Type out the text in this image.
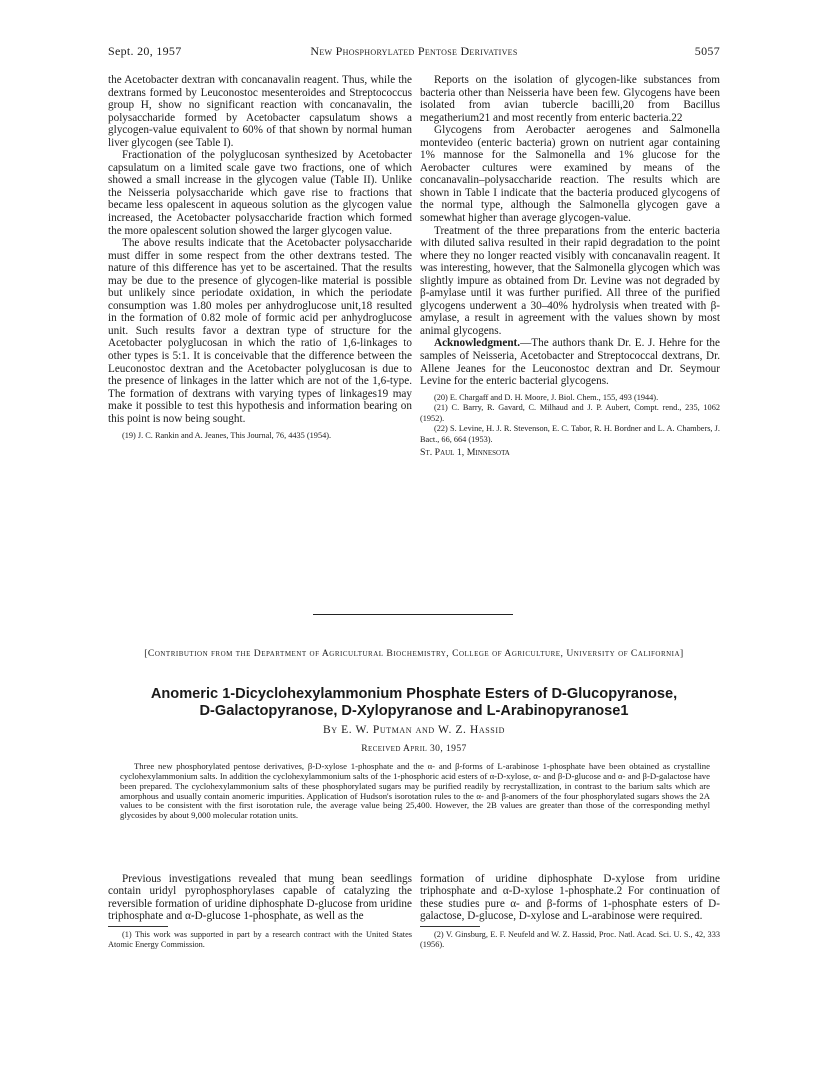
Sept. 20, 1957	New Phosphorylated Pentose Derivatives	5057

the Acetobacter dextran with concanavalin reagent. Thus, while the dextrans formed by Leuconostoc mesenteroides and Streptococcus group H, show no significant reaction with concanavalin, the polysaccharide formed by Acetobacter capsulatum shows a glycogen-value equivalent to 60% of that shown by normal human liver glycogen (see Table I).

Fractionation of the polyglucosan synthesized by Acetobacter capsulatum on a limited scale gave two fractions, one of which showed a small increase in the glycogen value (Table II). Unlike the Neisseria polysaccharide which gave rise to fractions that became less opalescent in aqueous solution as the glycogen value increased, the Acetobacter polysaccharide fraction which formed the more opalescent solution showed the larger glycogen value.

The above results indicate that the Acetobacter polysaccharide must differ in some respect from the other dextrans tested. The nature of this difference has yet to be ascertained. That the results may be due to the presence of glycogen-like material is possible but unlikely since periodate oxidation, in which the periodate consumption was 1.80 moles per anhydroglucose unit,18 resulted in the formation of 0.82 mole of formic acid per anhydroglucose unit. Such results favor a dextran type of structure for the Acetobacter polyglucosan in which the ratio of 1,6-linkages to other types is 5:1. It is conceivable that the difference between the Leuconostoc dextran and the Acetobacter polyglucosan is due to the presence of linkages in the latter which are not of the 1,6-type. The formation of dextrans with varying types of linkages19 may make it possible to test this hypothesis and information bearing on this point is now being sought.

(19) J. C. Rankin and A. Jeanes, This Journal, 76, 4435 (1954).

Reports on the isolation of glycogen-like substances from bacteria other than Neisseria have been few. Glycogens have been isolated from avian tubercle bacilli,20 from Bacillus megatherium21 and most recently from enteric bacteria.22

Glycogens from Aerobacter aerogenes and Salmonella montevideo (enteric bacteria) grown on nutrient agar containing 1% mannose for the Salmonella and 1% glucose for the Aerobacter cultures were examined by means of the concanavalin–polysaccharide reaction. The results which are shown in Table I indicate that the bacteria produced glycogens of the normal type, although the Salmonella glycogen gave a somewhat higher than average glycogen-value.

Treatment of the three preparations from the enteric bacteria with diluted saliva resulted in their rapid degradation to the point where they no longer reacted visibly with concanavalin reagent. It was interesting, however, that the Salmonella glycogen which was slightly impure as obtained from Dr. Levine was not degraded by β-amylase until it was further purified. All three of the purified glycogens underwent a 30–40% hydrolysis when treated with β-amylase, a result in agreement with the values shown by most animal glycogens.

Acknowledgment.—The authors thank Dr. E. J. Hehre for the samples of Neisseria, Acetobacter and Streptococcal dextrans, Dr. Allene Jeanes for the Leuconostoc dextran and Dr. Seymour Levine for the enteric bacterial glycogens.

(20) E. Chargaff and D. H. Moore, J. Biol. Chem., 155, 493 (1944).

(21) C. Barry, R. Gavard, C. Milhaud and J. P. Aubert, Compt. rend., 235, 1062 (1952).

(22) S. Levine, H. J. R. Stevenson, E. C. Tabor, R. H. Bordner and L. A. Chambers, J. Bact., 66, 664 (1953).

St. Paul 1, Minnesota

[Contribution from the Department of Agricultural Biochemistry, College of Agriculture, University of California]
Anomeric 1-Dicyclohexylammonium Phosphate Esters of D-Glucopyranose,
D-Galactopyranose, D-Xylopyranose and L-Arabinopyranose1
By E. W. Putman and W. Z. Hassid
Received April 30, 1957

Three new phosphorylated pentose derivatives, β-D-xylose 1-phosphate and the α- and β-forms of L-arabinose 1-phosphate have been obtained as crystalline cyclohexylammonium salts. In addition the cyclohexylammonium salts of the 1-phosphoric acid esters of α-D-xylose, α- and β-D-glucose and α- and β-D-galactose have been prepared. The cyclohexylammonium salts of these phosphorylated sugars may be purified readily by recrystallization, in contrast to the barium salts which are amorphous and usually contain anomeric impurities. Application of Hudson's isorotation rules to the α- and β-anomers of the four phosphorylated sugars shows the 2A values to be consistent with the first isorotation rule, the average value being 25,400. However, the 2B values are greater than those of the corresponding methyl glycosides by about 9,000 molecular rotation units.

Previous investigations revealed that mung bean seedlings contain uridyl pyrophosphorylases capable of catalyzing the reversible formation of uridine diphosphate D-glucose from uridine triphosphate and α-D-glucose 1-phosphate, as well as the

(1) This work was supported in part by a research contract with the United States Atomic Energy Commission.

formation of uridine diphosphate D-xylose from uridine triphosphate and α-D-xylose 1-phosphate.2 For continuation of these studies pure α- and β-forms of 1-phosphate esters of D-galactose, D-glucose, D-xylose and L-arabinose were required.

(2) V. Ginsburg, E. F. Neufeld and W. Z. Hassid, Proc. Natl. Acad. Sci. U. S., 42, 333 (1956).
